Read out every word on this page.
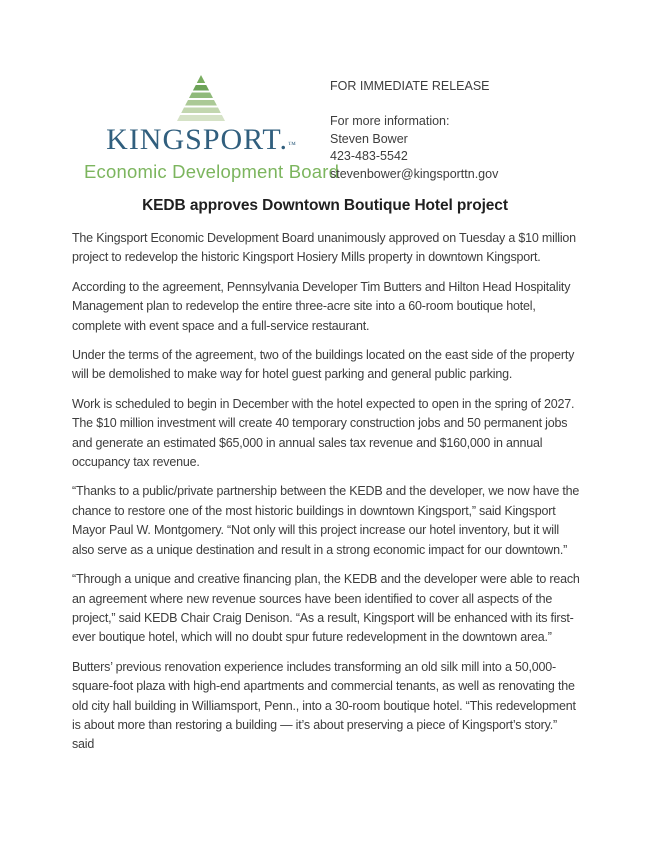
KINGSPORT.™
Economic Development Board
FOR IMMEDIATE RELEASE
For more information:
Steven Bower
423-483-5542
stevenbower@kingsporttn.gov
KEDB approves Downtown Boutique Hotel project

The Kingsport Economic Development Board unanimously approved on Tuesday a $10 million project to redevelop the historic Kingsport Hosiery Mills property in downtown Kingsport.

According to the agreement, Pennsylvania Developer Tim Butters and Hilton Head Hospitality Management plan to redevelop the entire three-acre site into a 60-room boutique hotel, complete with event space and a full-service restaurant.

Under the terms of the agreement, two of the buildings located on the east side of the property will be demolished to make way for hotel guest parking and general public parking.

Work is scheduled to begin in December with the hotel expected to open in the spring of 2027. The $10 million investment will create 40 temporary construction jobs and 50 permanent jobs and generate an estimated $65,000 in annual sales tax revenue and $160,000 in annual occupancy tax revenue.

“Thanks to a public/private partnership between the KEDB and the developer, we now have the chance to restore one of the most historic buildings in downtown Kingsport,” said Kingsport Mayor Paul W. Montgomery. “Not only will this project increase our hotel inventory, but it will also serve as a unique destination and result in a strong economic impact for our downtown.”

“Through a unique and creative financing plan, the KEDB and the developer were able to reach an agreement where new revenue sources have been identified to cover all aspects of the project,” said KEDB Chair Craig Denison. “As a result, Kingsport will be enhanced with its first-ever boutique hotel, which will no doubt spur future redevelopment in the downtown area.”

Butters’ previous renovation experience includes transforming an old silk mill into a 50,000-square-foot plaza with high-end apartments and commercial tenants, as well as renovating the old city hall building in Williamsport, Penn., into a 30-room boutique hotel. “This redevelopment is about more than restoring a building — it’s about preserving a piece of Kingsport’s story.” said
